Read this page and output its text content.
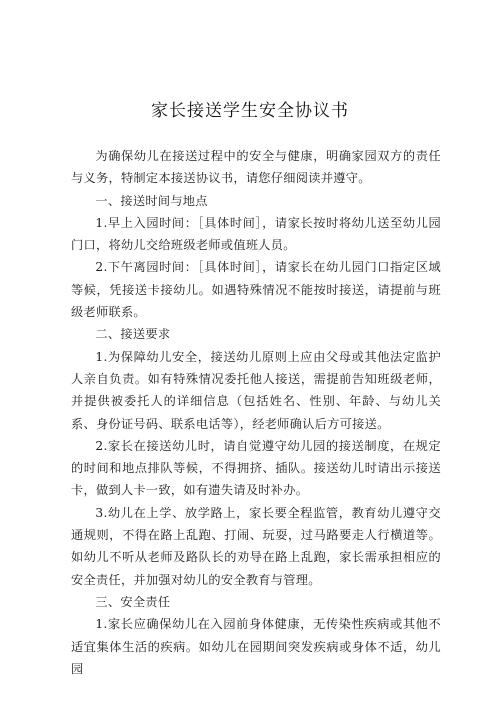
家长接送学生安全协议书

为确保幼儿在接送过程中的安全与健康，明确家园双方的责任与义务，特制定本接送协议书，请您仔细阅读并遵守。

一、接送时间与地点

1.早上入园时间：［具体时间］，请家长按时将幼儿送至幼儿园门口，将幼儿交给班级老师或值班人员。

2.下午离园时间：［具体时间］，请家长在幼儿园门口指定区域等候，凭接送卡接幼儿。如遇特殊情况不能按时接送，请提前与班级老师联系。

二、接送要求

1.为保障幼儿安全，接送幼儿原则上应由父母或其他法定监护人亲自负责。如有特殊情况委托他人接送，需提前告知班级老师，并提供被委托人的详细信息（包括姓名、性别、年龄、与幼儿关系、身份证号码、联系电话等），经老师确认后方可接送。

2.家长在接送幼儿时，请自觉遵守幼儿园的接送制度，在规定的时间和地点排队等候，不得拥挤、插队。接送幼儿时请出示接送卡，做到人卡一致，如有遗失请及时补办。

3.幼儿在上学、放学路上，家长要全程监管，教育幼儿遵守交通规则，不得在路上乱跑、打闹、玩耍，过马路要走人行横道等。如幼儿不听从老师及路队长的劝导在路上乱跑，家长需承担相应的安全责任，并加强对幼儿的安全教育与管理。

三、安全责任

1.家长应确保幼儿在入园前身体健康，无传染性疾病或其他不适宜集体生活的疾病。如幼儿在园期间突发疾病或身体不适，幼儿园
